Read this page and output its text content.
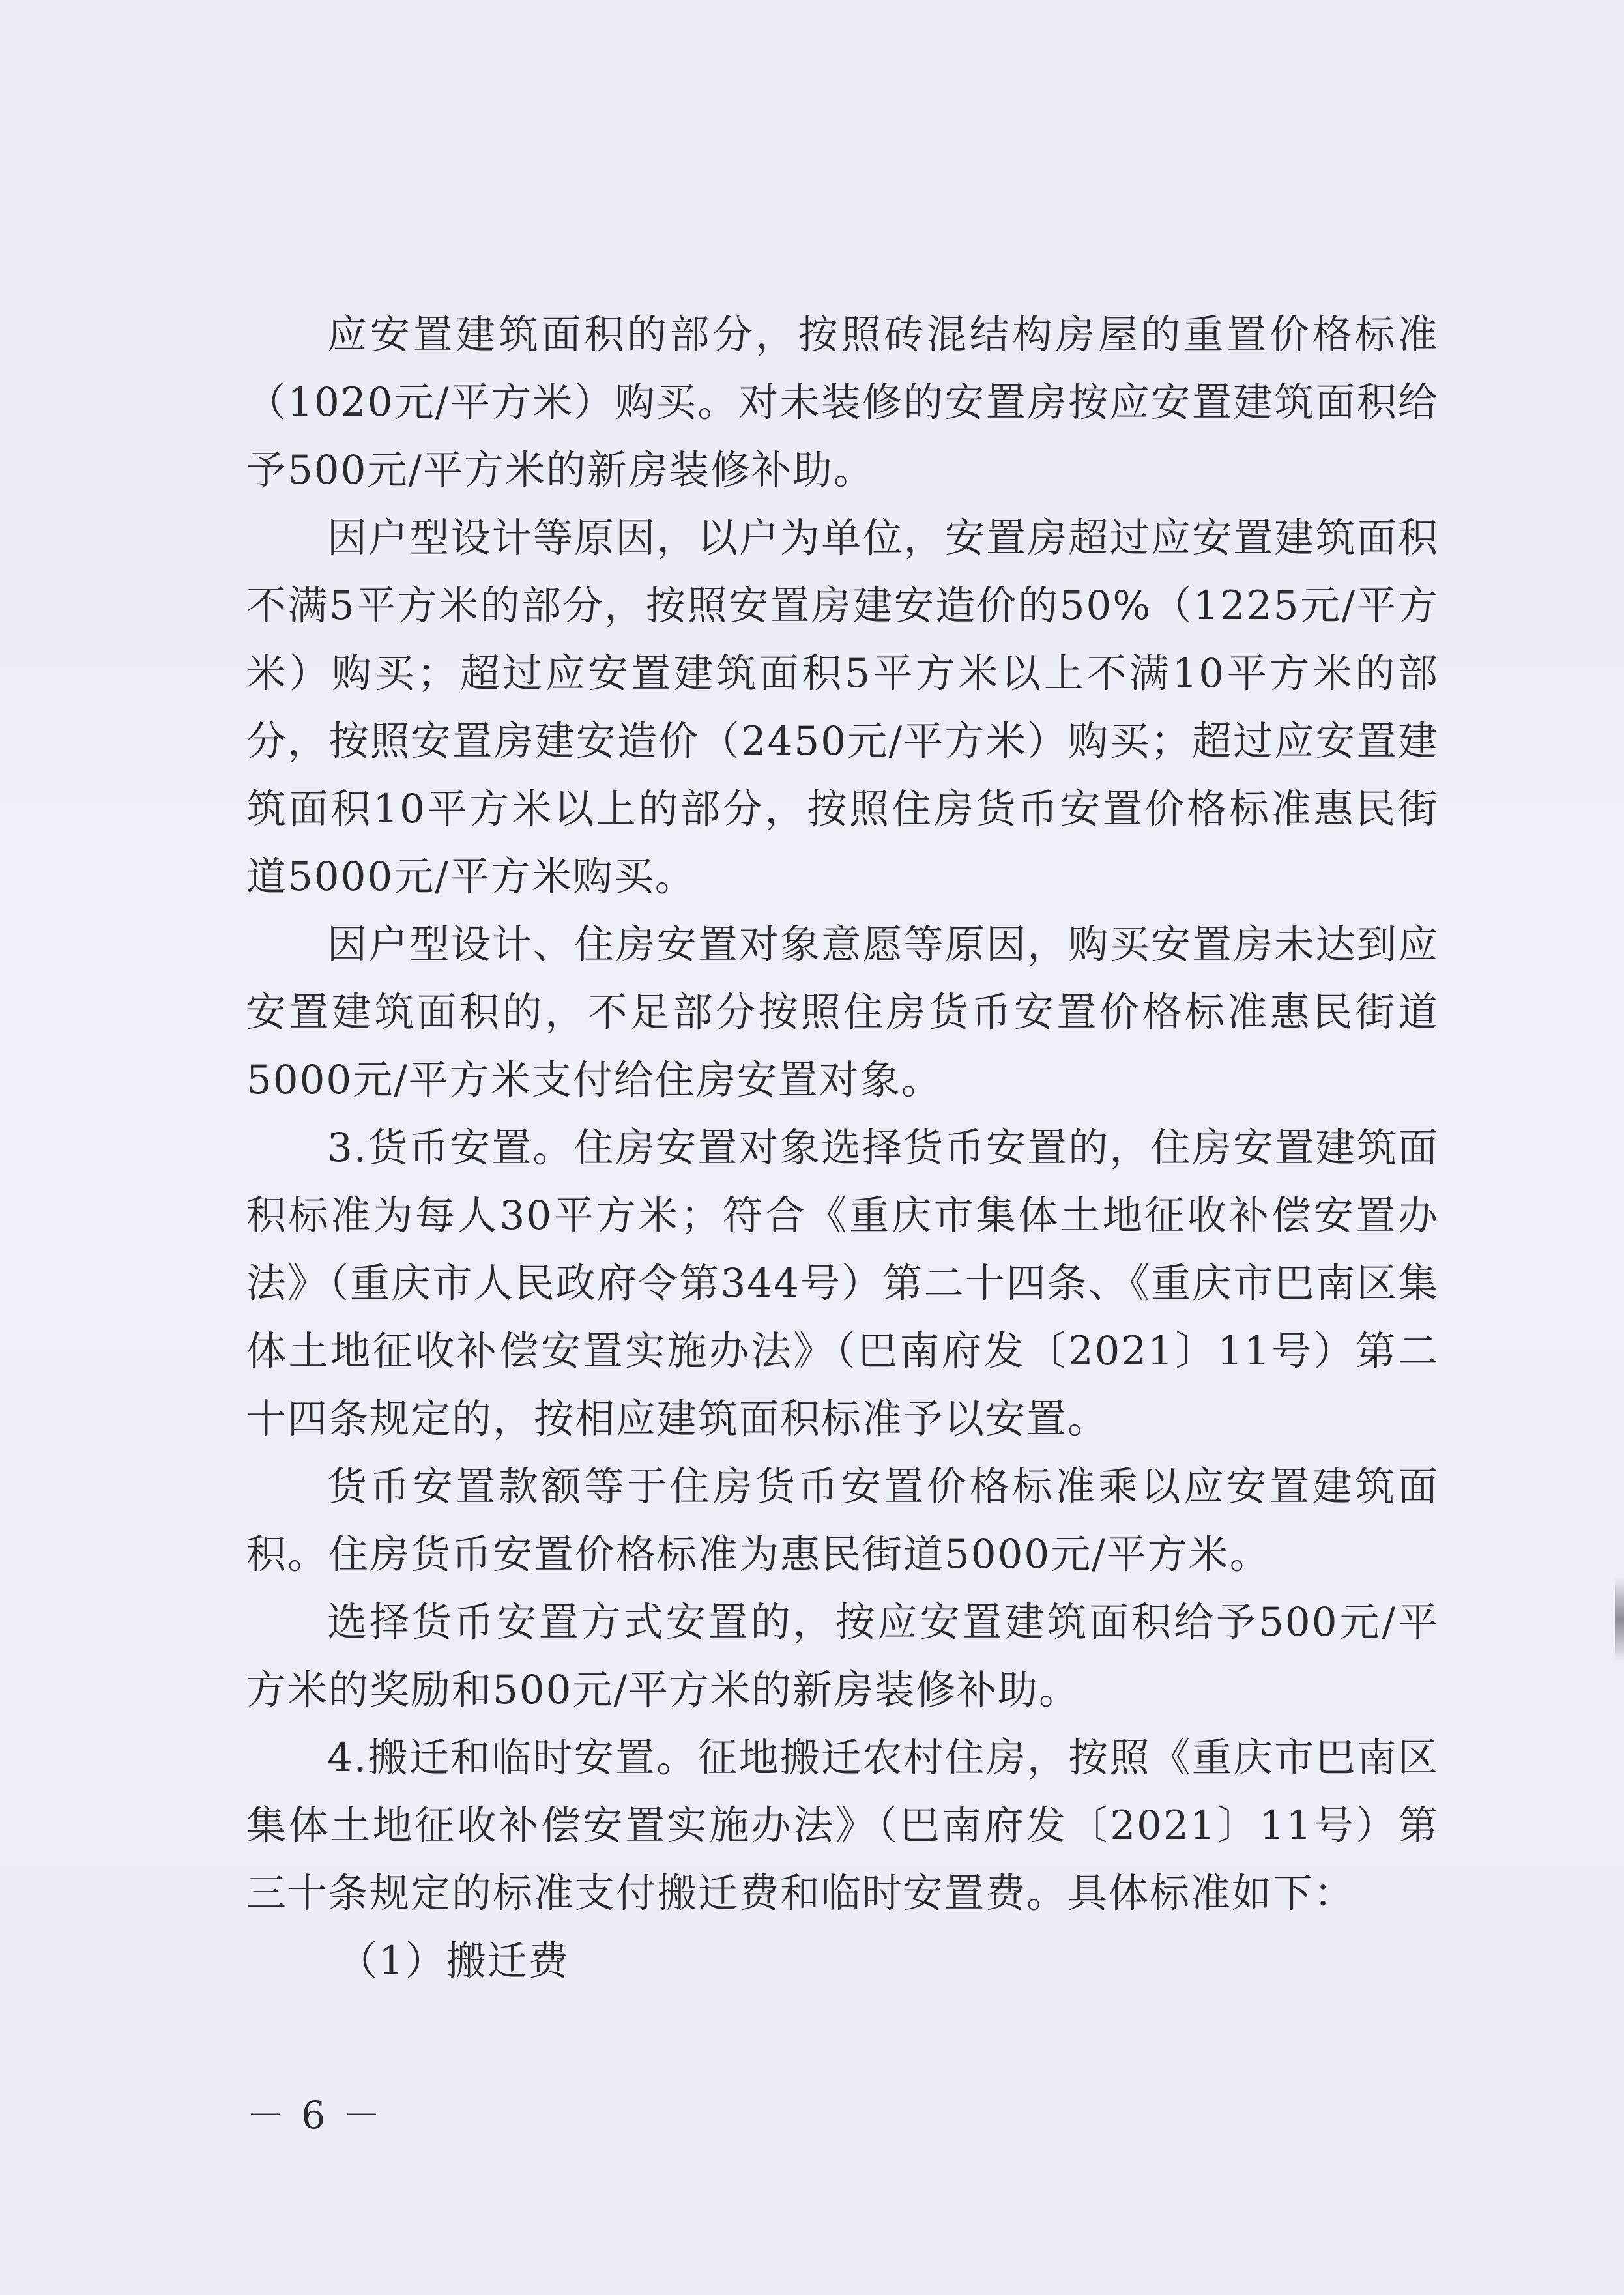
应安置建筑面积的部分，按照砖混结构房屋的重置价格标准（1020元/平方米）购买。对未装修的安置房按应安置建筑面积给予500元/平方米的新房装修补助。

因户型设计等原因，以户为单位，安置房超过应安置建筑面积不满5平方米的部分，按照安置房建安造价的50%（1225元/平方米）购买；超过应安置建筑面积5平方米以上不满10平方米的部分，按照安置房建安造价（2450元/平方米）购买；超过应安置建筑面积10平方米以上的部分，按照住房货币安置价格标准惠民街道5000元/平方米购买。

因户型设计、住房安置对象意愿等原因，购买安置房未达到应安置建筑面积的，不足部分按照住房货币安置价格标准惠民街道5000元/平方米支付给住房安置对象。

3.货币安置。住房安置对象选择货币安置的，住房安置建筑面积标准为每人30平方米；符合《重庆市集体土地征收补偿安置办法》（重庆市人民政府令第344号）第二十四条、《重庆市巴南区集体土地征收补偿安置实施办法》（巴南府发〔2021〕11号）第二十四条规定的，按相应建筑面积标准予以安置。

货币安置款额等于住房货币安置价格标准乘以应安置建筑面积。住房货币安置价格标准为惠民街道5000元/平方米。

选择货币安置方式安置的，按应安置建筑面积给予500元/平方米的奖励和500元/平方米的新房装修补助。

4.搬迁和临时安置。征地搬迁农村住房，按照《重庆市巴南区集体土地征收补偿安置实施办法》（巴南府发〔2021〕11号）第三十条规定的标准支付搬迁费和临时安置费。具体标准如下：

（1）搬迁费

－ 6 －
